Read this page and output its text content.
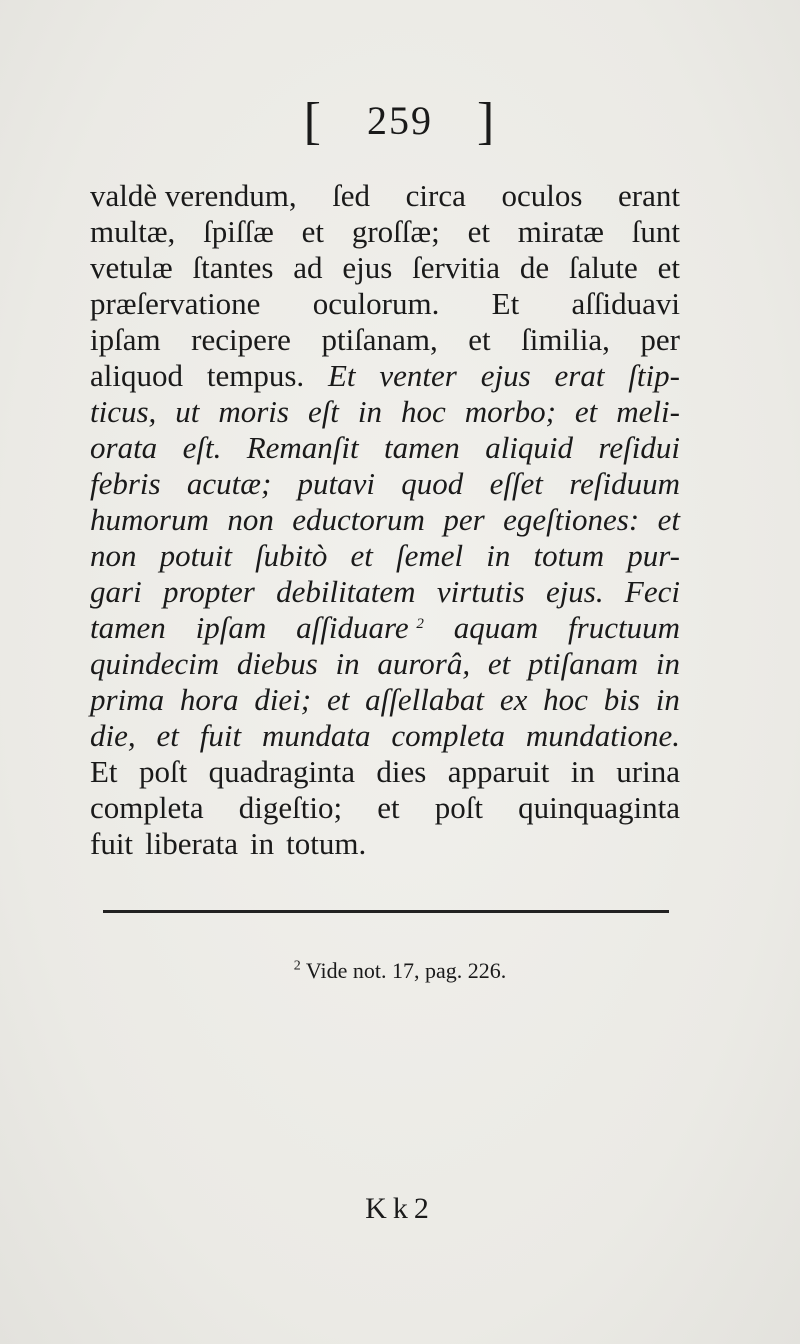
[ 259 ]
valdè verendum, ſed circa oculos erant
multæ, ſpiſſæ et groſſæ; et miratæ ſunt
vetulæ ſtantes ad ejus ſervitia de ſalute et
præſervatione oculorum. Et aſſiduavi
ipſam recipere ptiſanam, et ſimilia, per
aliquod tempus. Et venter ejus erat ſtip-
ticus, ut moris eſt in hoc morbo; et meli-
orata eſt. Remanſit tamen aliquid reſidui
febris acutæ; putavi quod eſſet reſiduum
humorum non eductorum per egeſtiones: et
non potuit ſubitò et ſemel in totum pur-
gari propter debilitatem virtutis ejus. Feci
tamen ipſam aſſiduare $^2$ aquam fructuum
quindecim diebus in aurorâ, et ptiſanam in
prima hora diei; et aſſellabat ex hoc bis in
die, et fuit mundata completa mundatione.
Et poſt quadraginta dies apparuit in urina
completa digeſtio; et poſt quinquaginta
fuit liberata in totum.
$^2$ Vide not. 17, pag. 226.
Kk2
